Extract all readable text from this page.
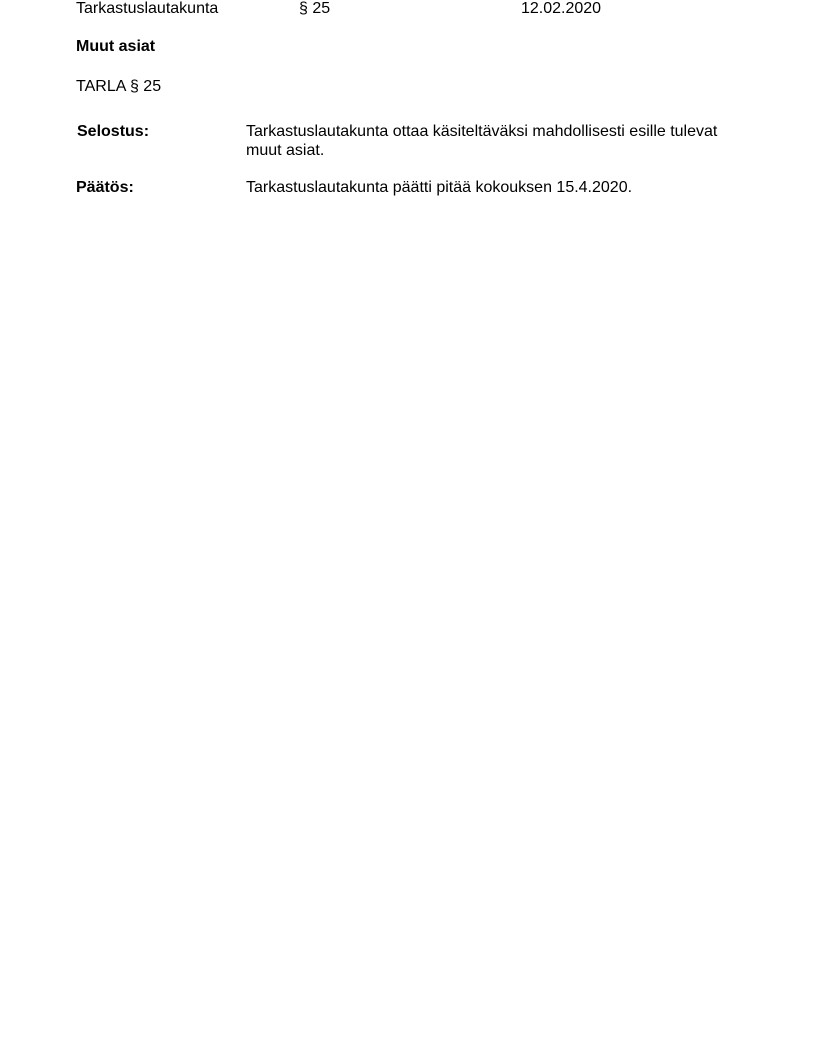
Tarkastuslautakunta	§ 25	12.02.2020
Muut asiat
TARLA § 25
Selostus:	Tarkastuslautakunta ottaa käsiteltäväksi mahdollisesti esille tulevat muut asiat.
Päätös:	Tarkastuslautakunta päätti pitää kokouksen 15.4.2020.
